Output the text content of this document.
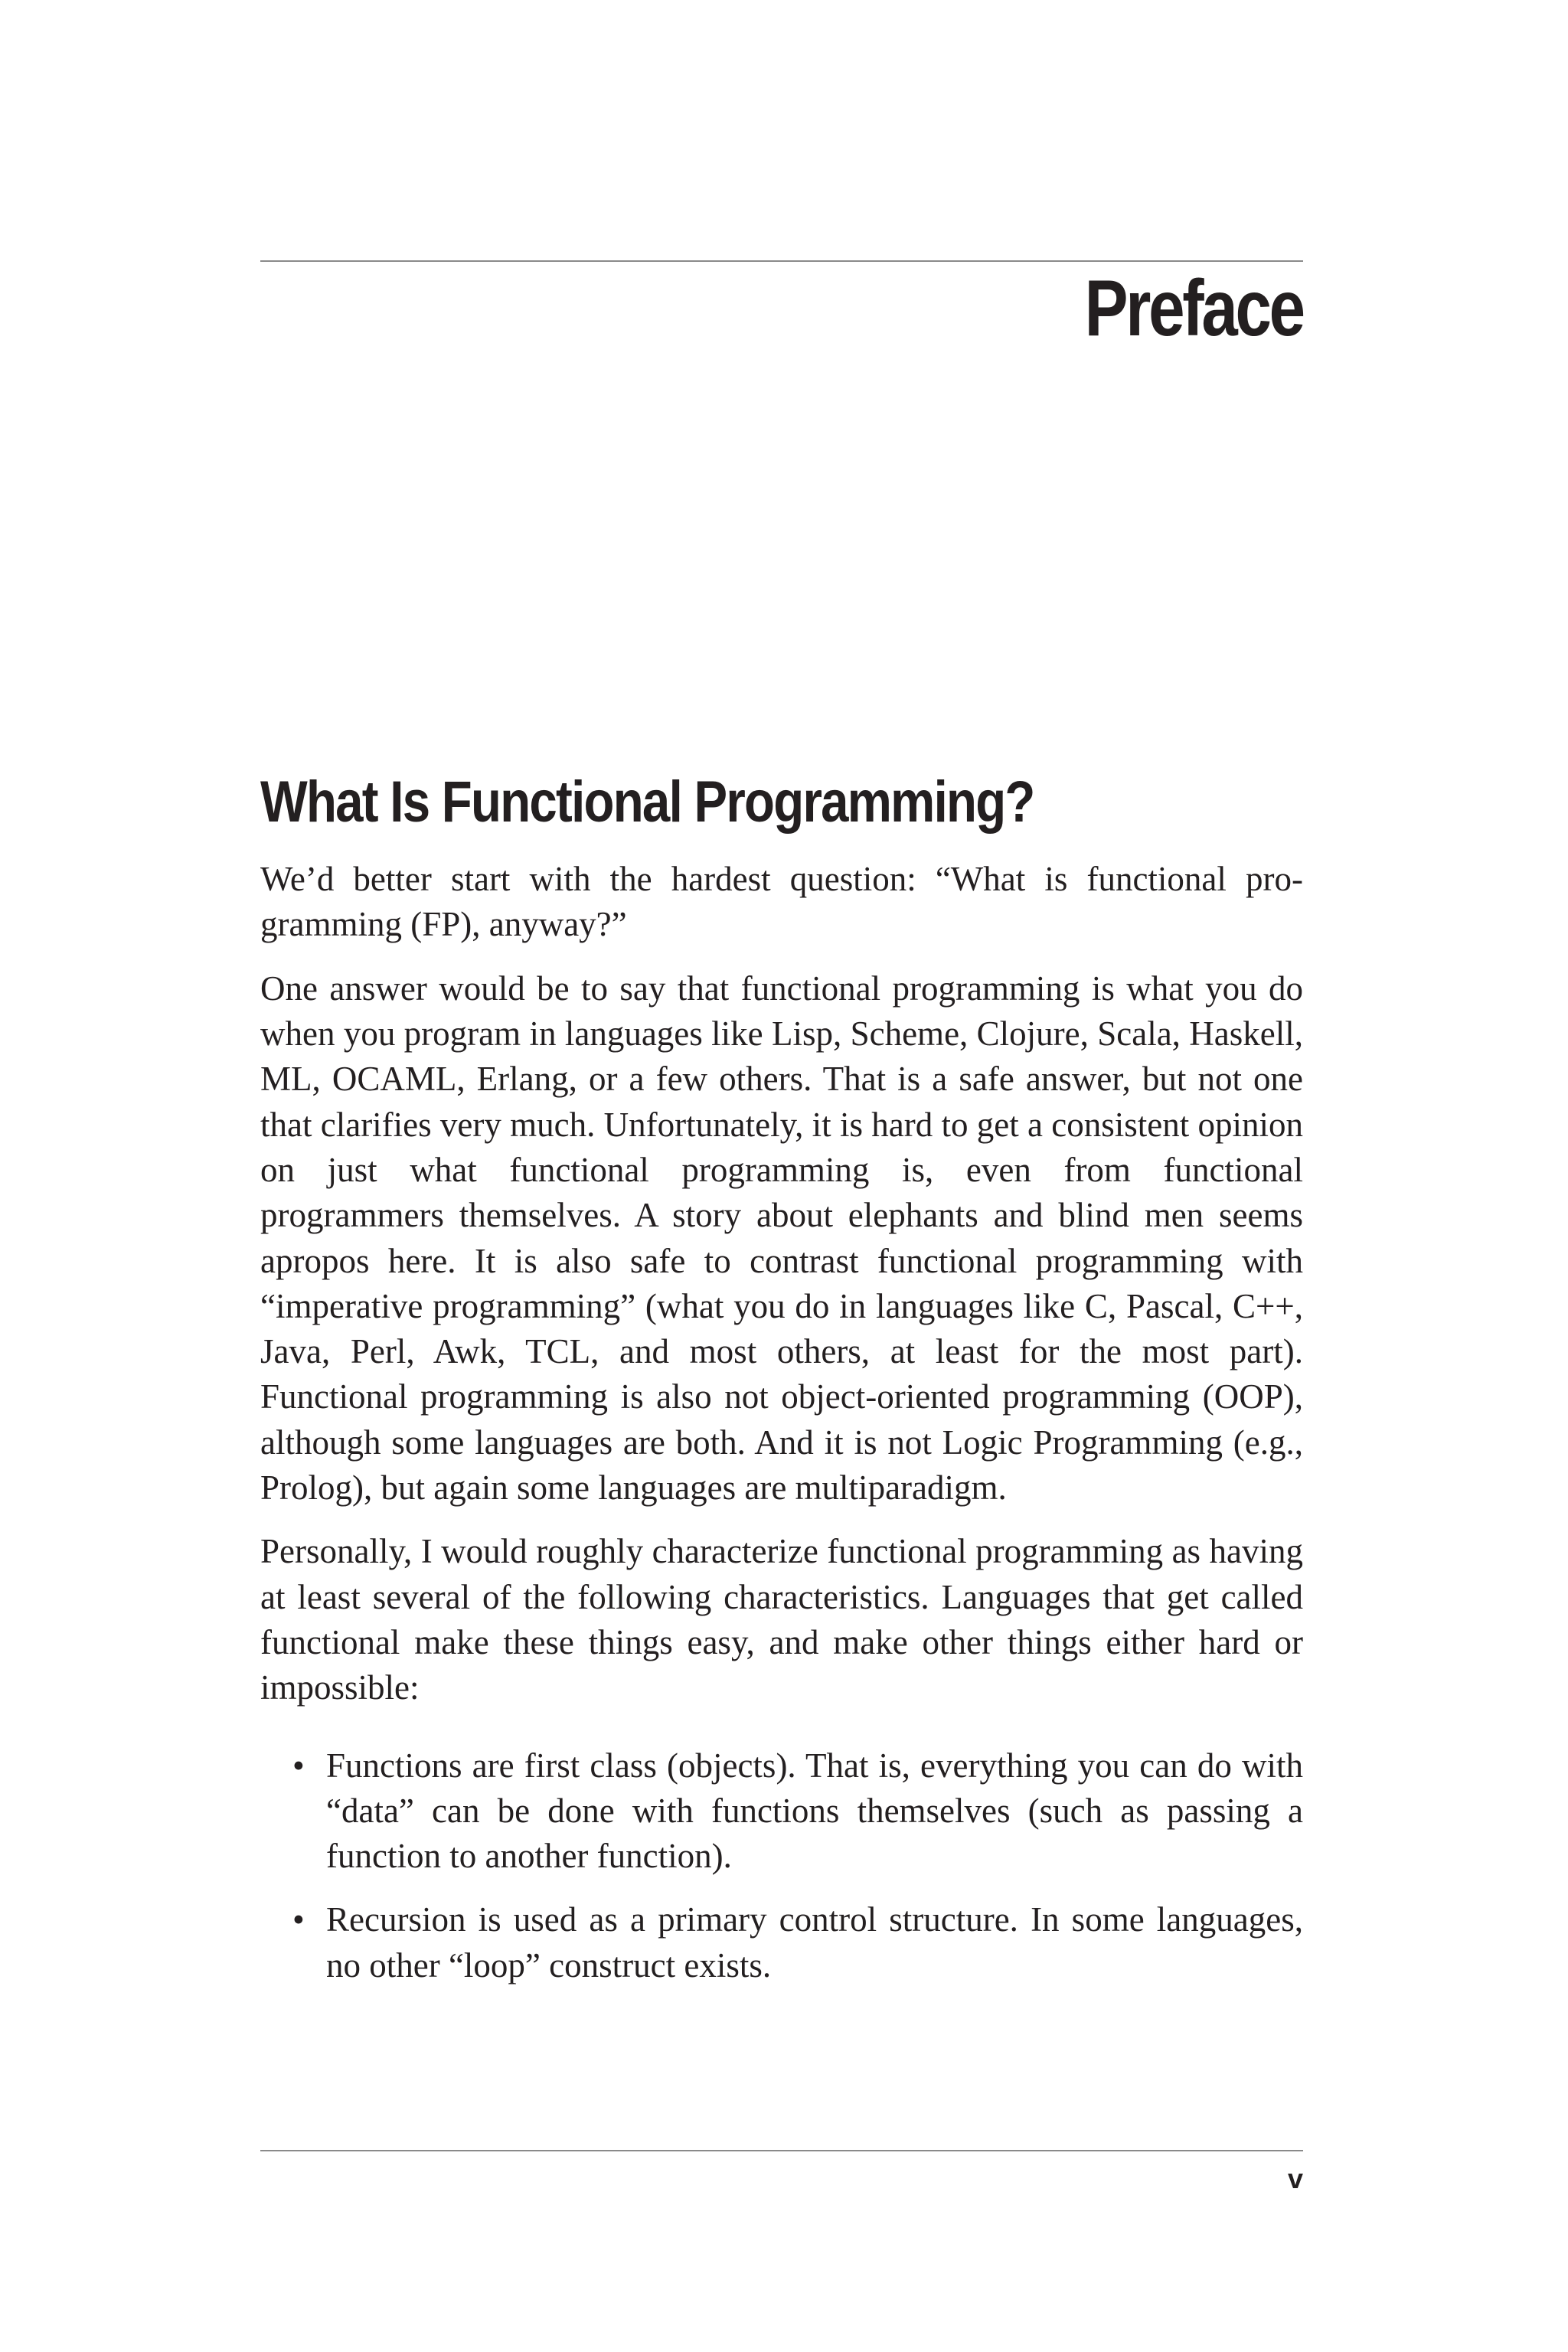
Preface
What Is Functional Programming?

We’d better start with the hardest question: “What is functional programming (FP), anyway?”

One answer would be to say that functional programming is what you do when you program in languages like Lisp, Scheme, Clojure, Scala, Haskell, ML, OCAML, Erlang, or a few others. That is a safe answer, but not one that clarifies very much. Unfortunately, it is hard to get a consistent opinion on just what functional programming is, even from functional programmers themselves. A story about elephants and blind men seems apropos here. It is also safe to contrast functional programming with “imperative programming” (what you do in languages like C, Pascal, C++, Java, Perl, Awk, TCL, and most others, at least for the most part). Functional programming is also not object-oriented programming (OOP), although some languages are both. And it is not Logic Programming (e.g., Prolog), but again some languages are multiparadigm.

Personally, I would roughly characterize functional programming as having at least several of the following characteristics. Languages that get called functional make these things easy, and make other things either hard or impossible:

• Functions are first class (objects). That is, everything you can do with “data” can be done with functions themselves (such as passing a function to another function).
• Recursion is used as a primary control structure. In some languages, no other “loop” construct exists.
v
